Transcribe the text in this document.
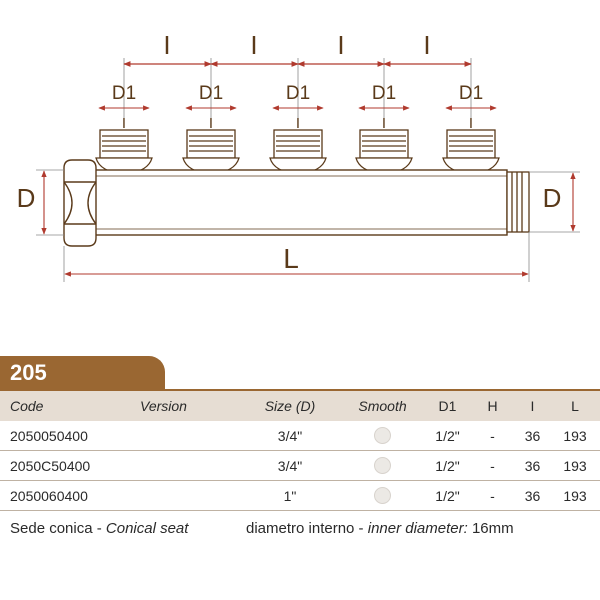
I	I	I	I
D1	D1	D1	D1	D1
I	I	I	I	I
D	D
L
205
Code	Version	Size (D)	Smooth	D1	H	I	L
2050050400		3/4"		1/2"	-	36	193
2050C50400		3/4"		1/2"	-	36	193
2050060400		1"		1/2"	-	36	193
Sede conica - Conical seat	diametro interno - inner diameter: 16mm
